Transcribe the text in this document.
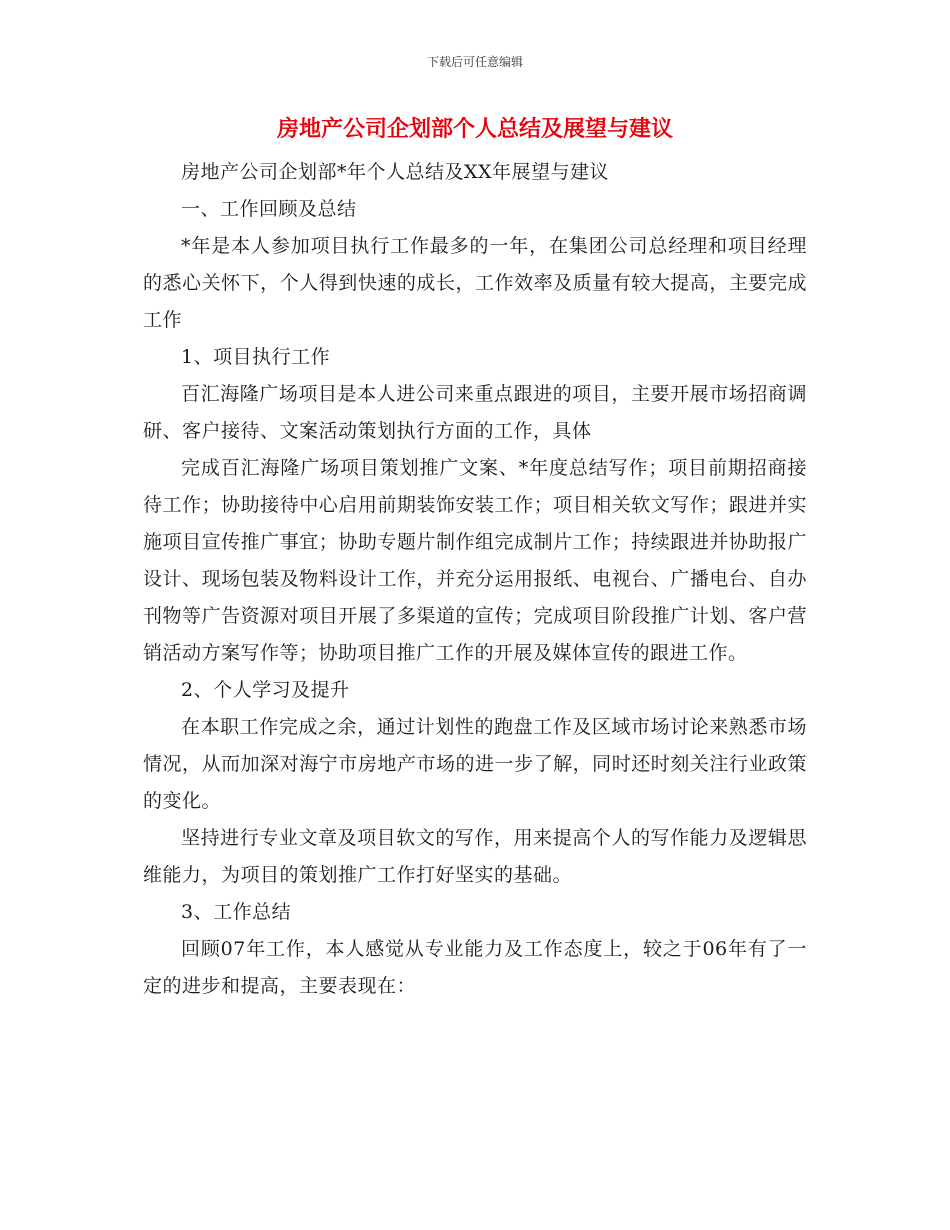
下载后可任意编辑
房地产公司企划部个人总结及展望与建议

房地产公司企划部*年个人总结及XX年展望与建议

一、工作回顾及总结

*年是本人参加项目执行工作最多的一年，在集团公司总经理和项目经理的悉心关怀下，个人得到快速的成长，工作效率及质量有较大提高，主要完成工作

1、项目执行工作

百汇海隆广场项目是本人进公司来重点跟进的项目，主要开展市场招商调研、客户接待、文案活动策划执行方面的工作，具体

完成百汇海隆广场项目策划推广文案、*年度总结写作；项目前期招商接待工作；协助接待中心启用前期装饰安装工作；项目相关软文写作；跟进并实施项目宣传推广事宜；协助专题片制作组完成制片工作；持续跟进并协助报广设计、现场包装及物料设计工作，并充分运用报纸、电视台、广播电台、自办刊物等广告资源对项目开展了多渠道的宣传；完成项目阶段推广计划、客户营销活动方案写作等；协助项目推广工作的开展及媒体宣传的跟进工作。

2、个人学习及提升

在本职工作完成之余，通过计划性的跑盘工作及区域市场讨论来熟悉市场情况，从而加深对海宁市房地产市场的进一步了解，同时还时刻关注行业政策的变化。

坚持进行专业文章及项目软文的写作，用来提高个人的写作能力及逻辑思维能力，为项目的策划推广工作打好坚实的基础。

3、工作总结

回顾07年工作，本人感觉从专业能力及工作态度上，较之于06年有了一定的进步和提高，主要表现在：
